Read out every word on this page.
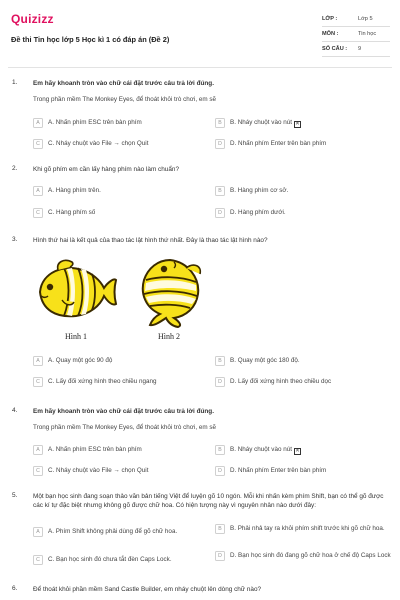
Quizizz
Đề thi Tin học lớp 5 Học kì 1 có đáp án (Đề 2)
LỚP :	Lớp 5
MÔN :	Tin học
SỐ CÂU :	9
1. Em hãy khoanh tròn vào chữ cái đặt trước câu trả lời đúng.
Trong phần mềm The Monkey Eyes, để thoát khỏi trò chơi, em sẽ
A	A. Nhấn phím ESC trên bàn phím	B	B. Nháy chuột vào nút ✕
C	C. Nháy chuột vào File → chọn Quit	D	D. Nhấn phím Enter trên bàn phím
2. Khi gõ phím em cần lấy hàng phím nào làm chuẩn?
A	A. Hàng phím trên.	B	B. Hàng phím cơ sở.
C	C. Hàng phím số	D	D. Hàng phím dưới.
3. Hình thứ hai là kết quả của thao tác lật hình thứ nhất. Đây là thao tác lật hình nào?
Hình 1	Hình 2
A	A. Quay một góc 90 độ	B	B. Quay một góc 180 độ.
C	C. Lấy đối xứng hình theo chiều ngang	D	D. Lấy đối xứng hình theo chiều dọc
4. Em hãy khoanh tròn vào chữ cái đặt trước câu trả lời đúng.
Trong phần mềm The Monkey Eyes, để thoát khỏi trò chơi, em sẽ
A	A. Nhấn phím ESC trên bàn phím	B	B. Nháy chuột vào nút ✕
C	C. Nháy chuột vào File → chọn Quit	D	D. Nhấn phím Enter trên bàn phím
5. Một bạn học sinh đang soạn thảo văn bản tiếng Việt để luyện gõ 10 ngón. Mỗi khi nhấn kèm phím Shift, bạn có thể gõ được các kí tự đặc biệt nhưng không gõ được chữ hoa. Có hiện tượng này vì nguyên nhân nào dưới đây:
A	A. Phím Shift không phải dùng để gõ chữ hoa.	B	B. Phải nhả tay ra khỏi phím shift trước khi gõ chữ hoa.
C	C. Bạn học sinh đó chưa tắt đèn Caps Lock.	D	D. Bạn học sinh đó đang gõ chữ hoa ở chế độ Caps Lock
6. Để thoát khỏi phần mềm Sand Castle Builder, em nháy chuột lên dòng chữ nào?
